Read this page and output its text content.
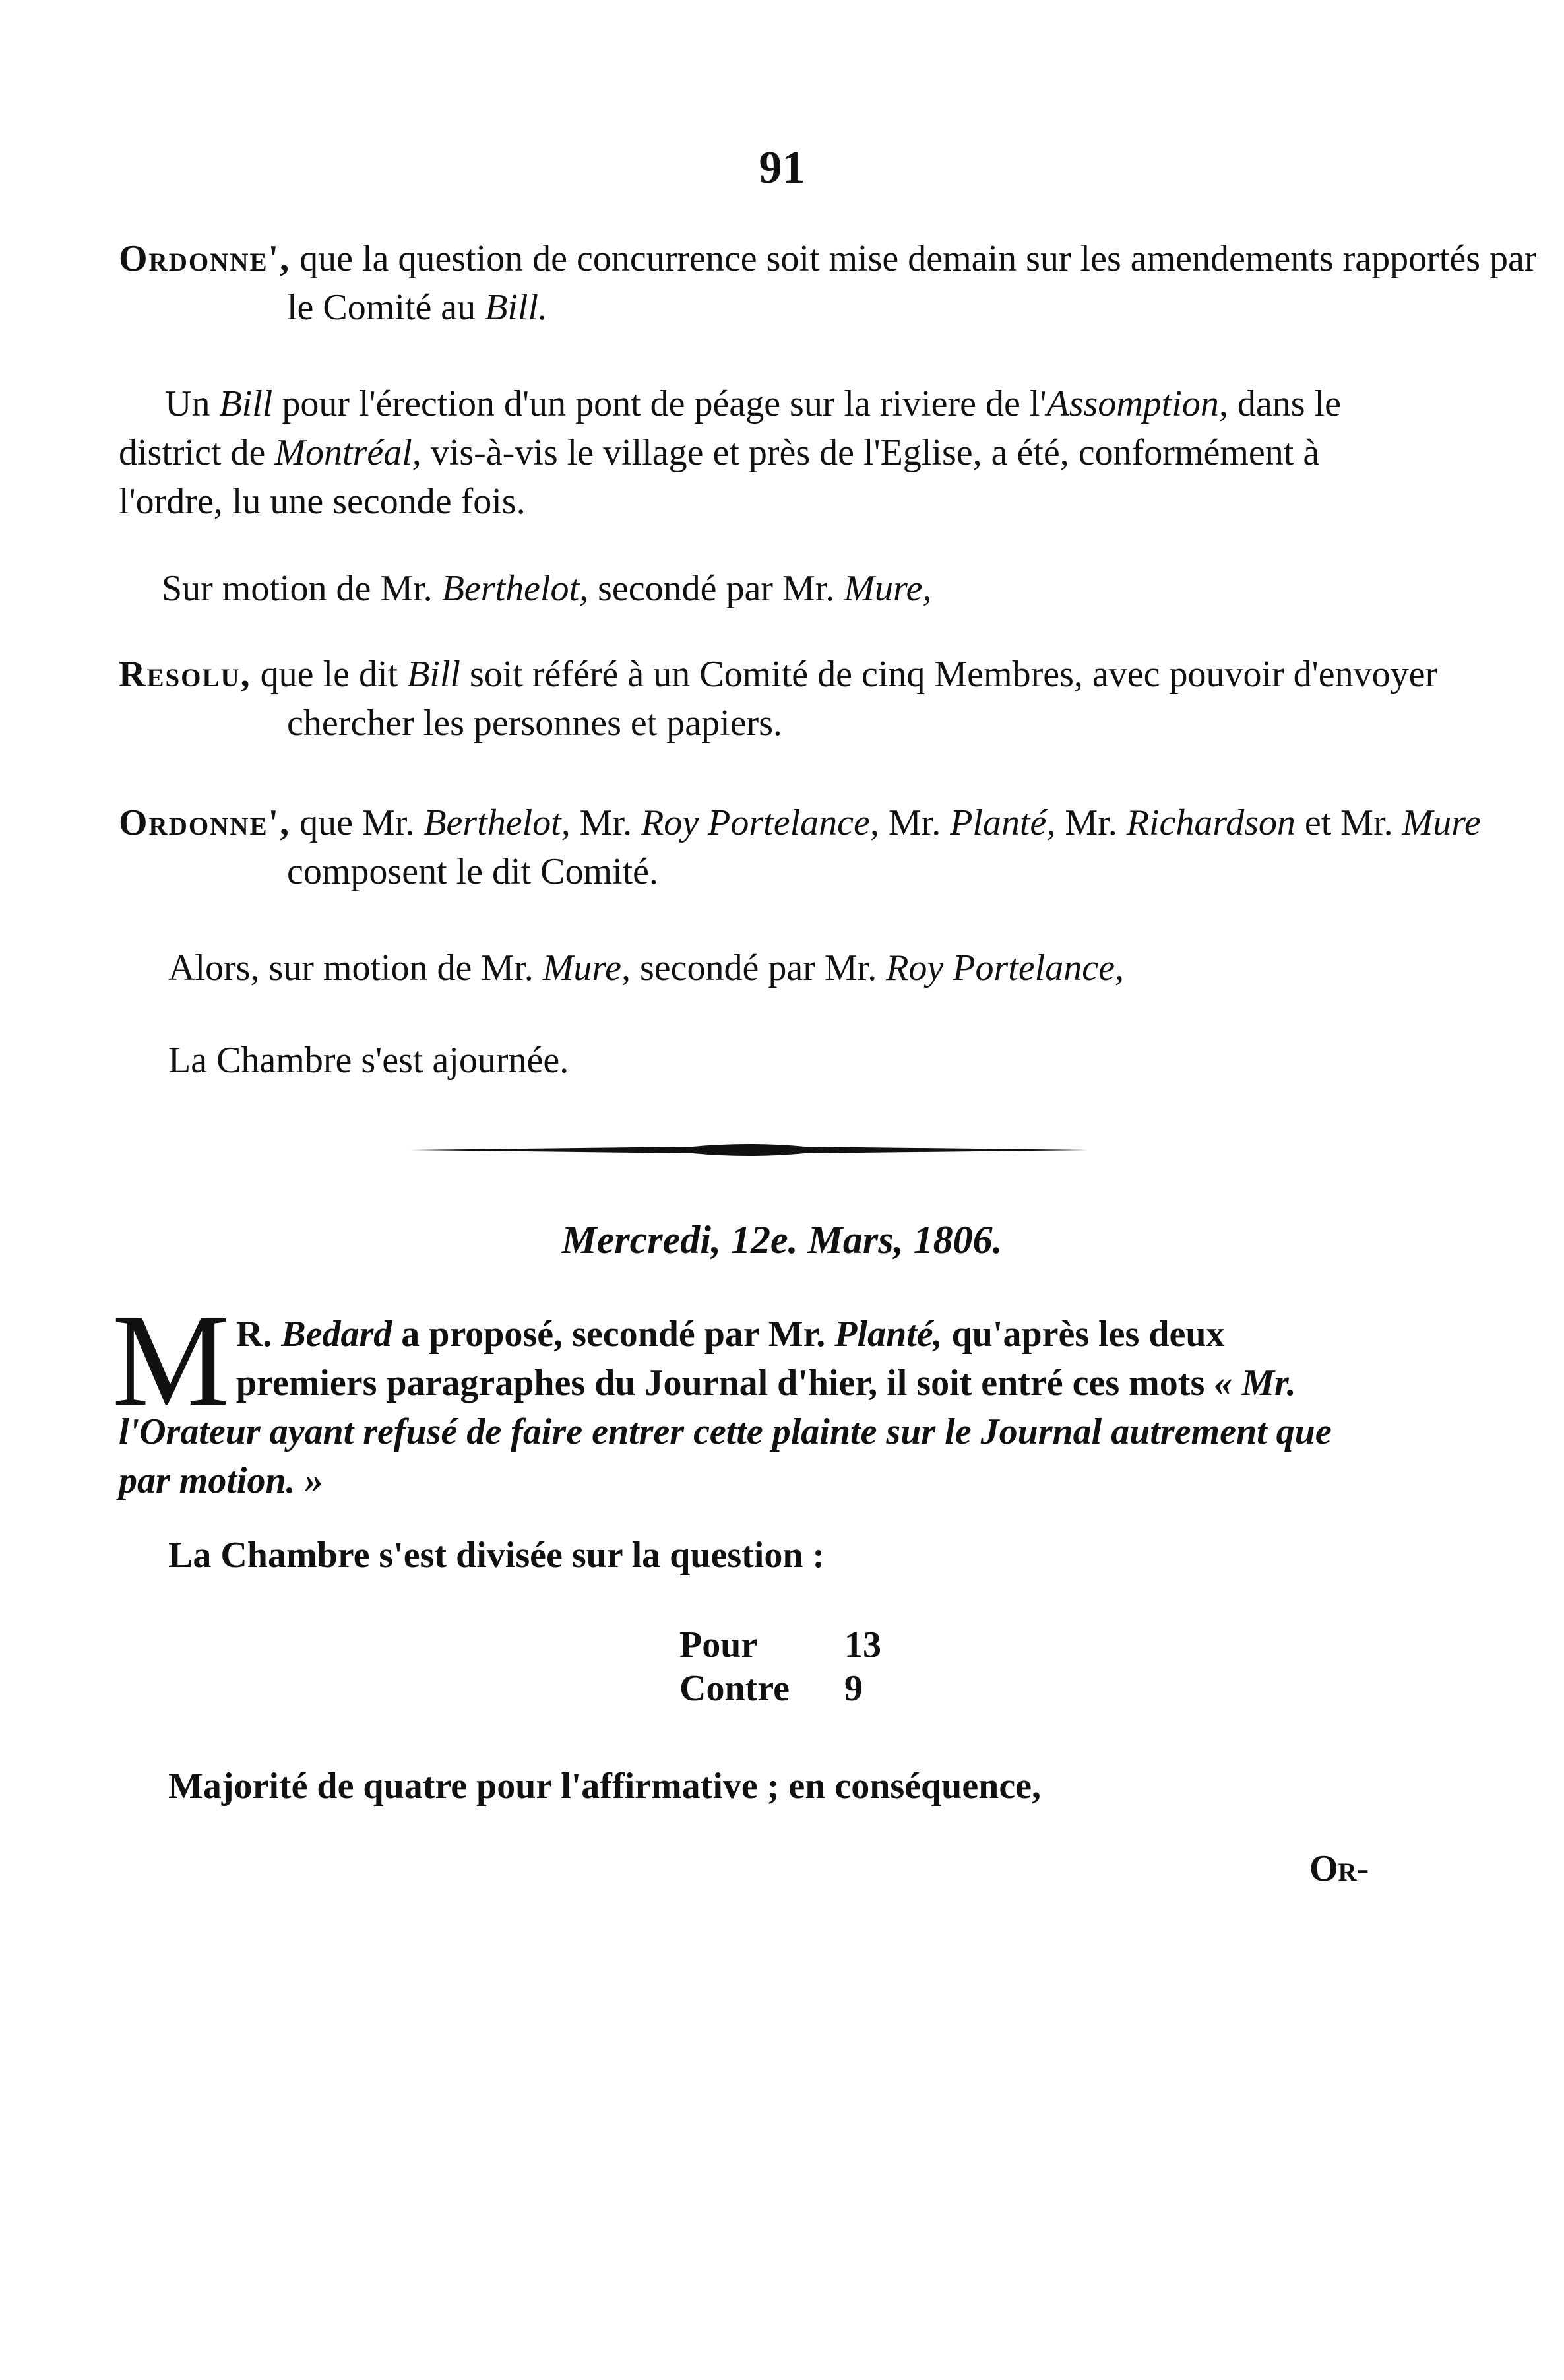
91
Ordonne', que la question de concurrence soit mise demain sur les amendements rapportés par le Comité au Bill.
Un Bill pour l'érection d'un pont de péage sur la riviere de l'Assomption, dans le district de Montréal, vis-à-vis le village et près de l'Eglise, a été, conformément à l'ordre, lu une seconde fois.
Sur motion de Mr. Berthelot, secondé par Mr. Mure,
Resolu, que le dit Bill soit référé à un Comité de cinq Membres, avec pouvoir d'envoyer chercher les personnes et papiers.
Ordonne', que Mr. Berthelot, Mr. Roy Portelance, Mr. Planté, Mr. Richardson et Mr. Mure composent le dit Comité.
Alors, sur motion de Mr. Mure, secondé par Mr. Roy Portelance,
La Chambre s'est ajournée.
Mercredi, 12e. Mars, 1806.
M R. Bedard a proposé, secondé par Mr. Planté, qu'après les deux premiers paragraphes du Journal d'hier, il soit entré ces mots « Mr. l'Orateur ayant refusé de faire entrer cette plainte sur le Journal autrement que par motion. »
La Chambre s'est divisée sur la question :
Pour 13
Contre 9
Majorité de quatre pour l'affirmative ; en conséquence,
Or-
